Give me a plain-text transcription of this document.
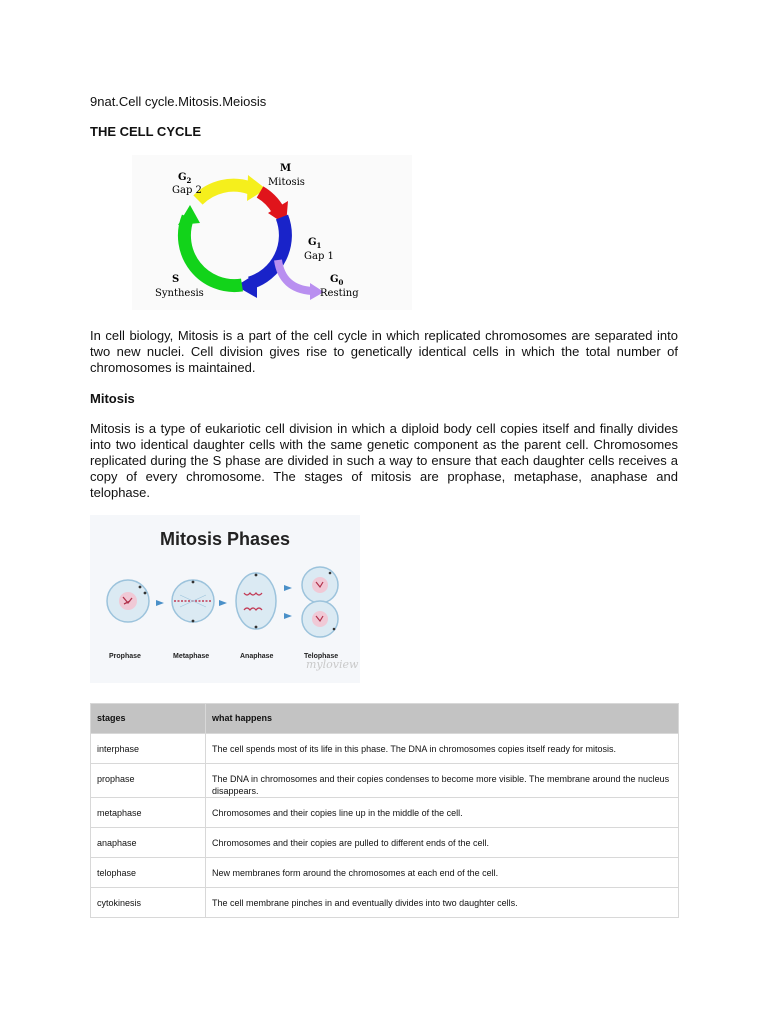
9nat.Cell cycle.Mitosis.Meiosis
THE CELL CYCLE
M
Mitosis
$G_2$
Gap 2
$G_1$
Gap 1
S
Synthesis
$G_0$
Resting
In cell biology, Mitosis is a part of the cell cycle in which replicated chromosomes are separated into two new nuclei. Cell division gives rise to genetically identical cells in which the total number of chromosomes is maintained.
Mitosis
Mitosis is a type of eukariotic cell division in which a diploid body cell copies itself and finally divides into two identical daughter cells with the same genetic component as the parent cell. Chromosomes replicated during the S phase are divided in such a way to ensure that each daughter cells receives a copy of every chromosome. The stages of mitosis are prophase, metaphase, anaphase and telophase.
Mitosis Phases
Prophase	Metaphase	Anaphase	Telophase
myloview
stages	what happens
interphase	The cell spends most of its life in this phase. The DNA in chromosomes copies itself ready for mitosis.
prophase	The DNA in chromosomes and their copies condenses to become more visible. The membrane around the nucleus disappears.
metaphase	Chromosomes and their copies line up in the middle of the cell.
anaphase	Chromosomes and their copies are pulled to different ends of the cell.
telophase	New membranes form around the chromosomes at each end of the cell.
cytokinesis	The cell membrane pinches in and eventually divides into two daughter cells.
